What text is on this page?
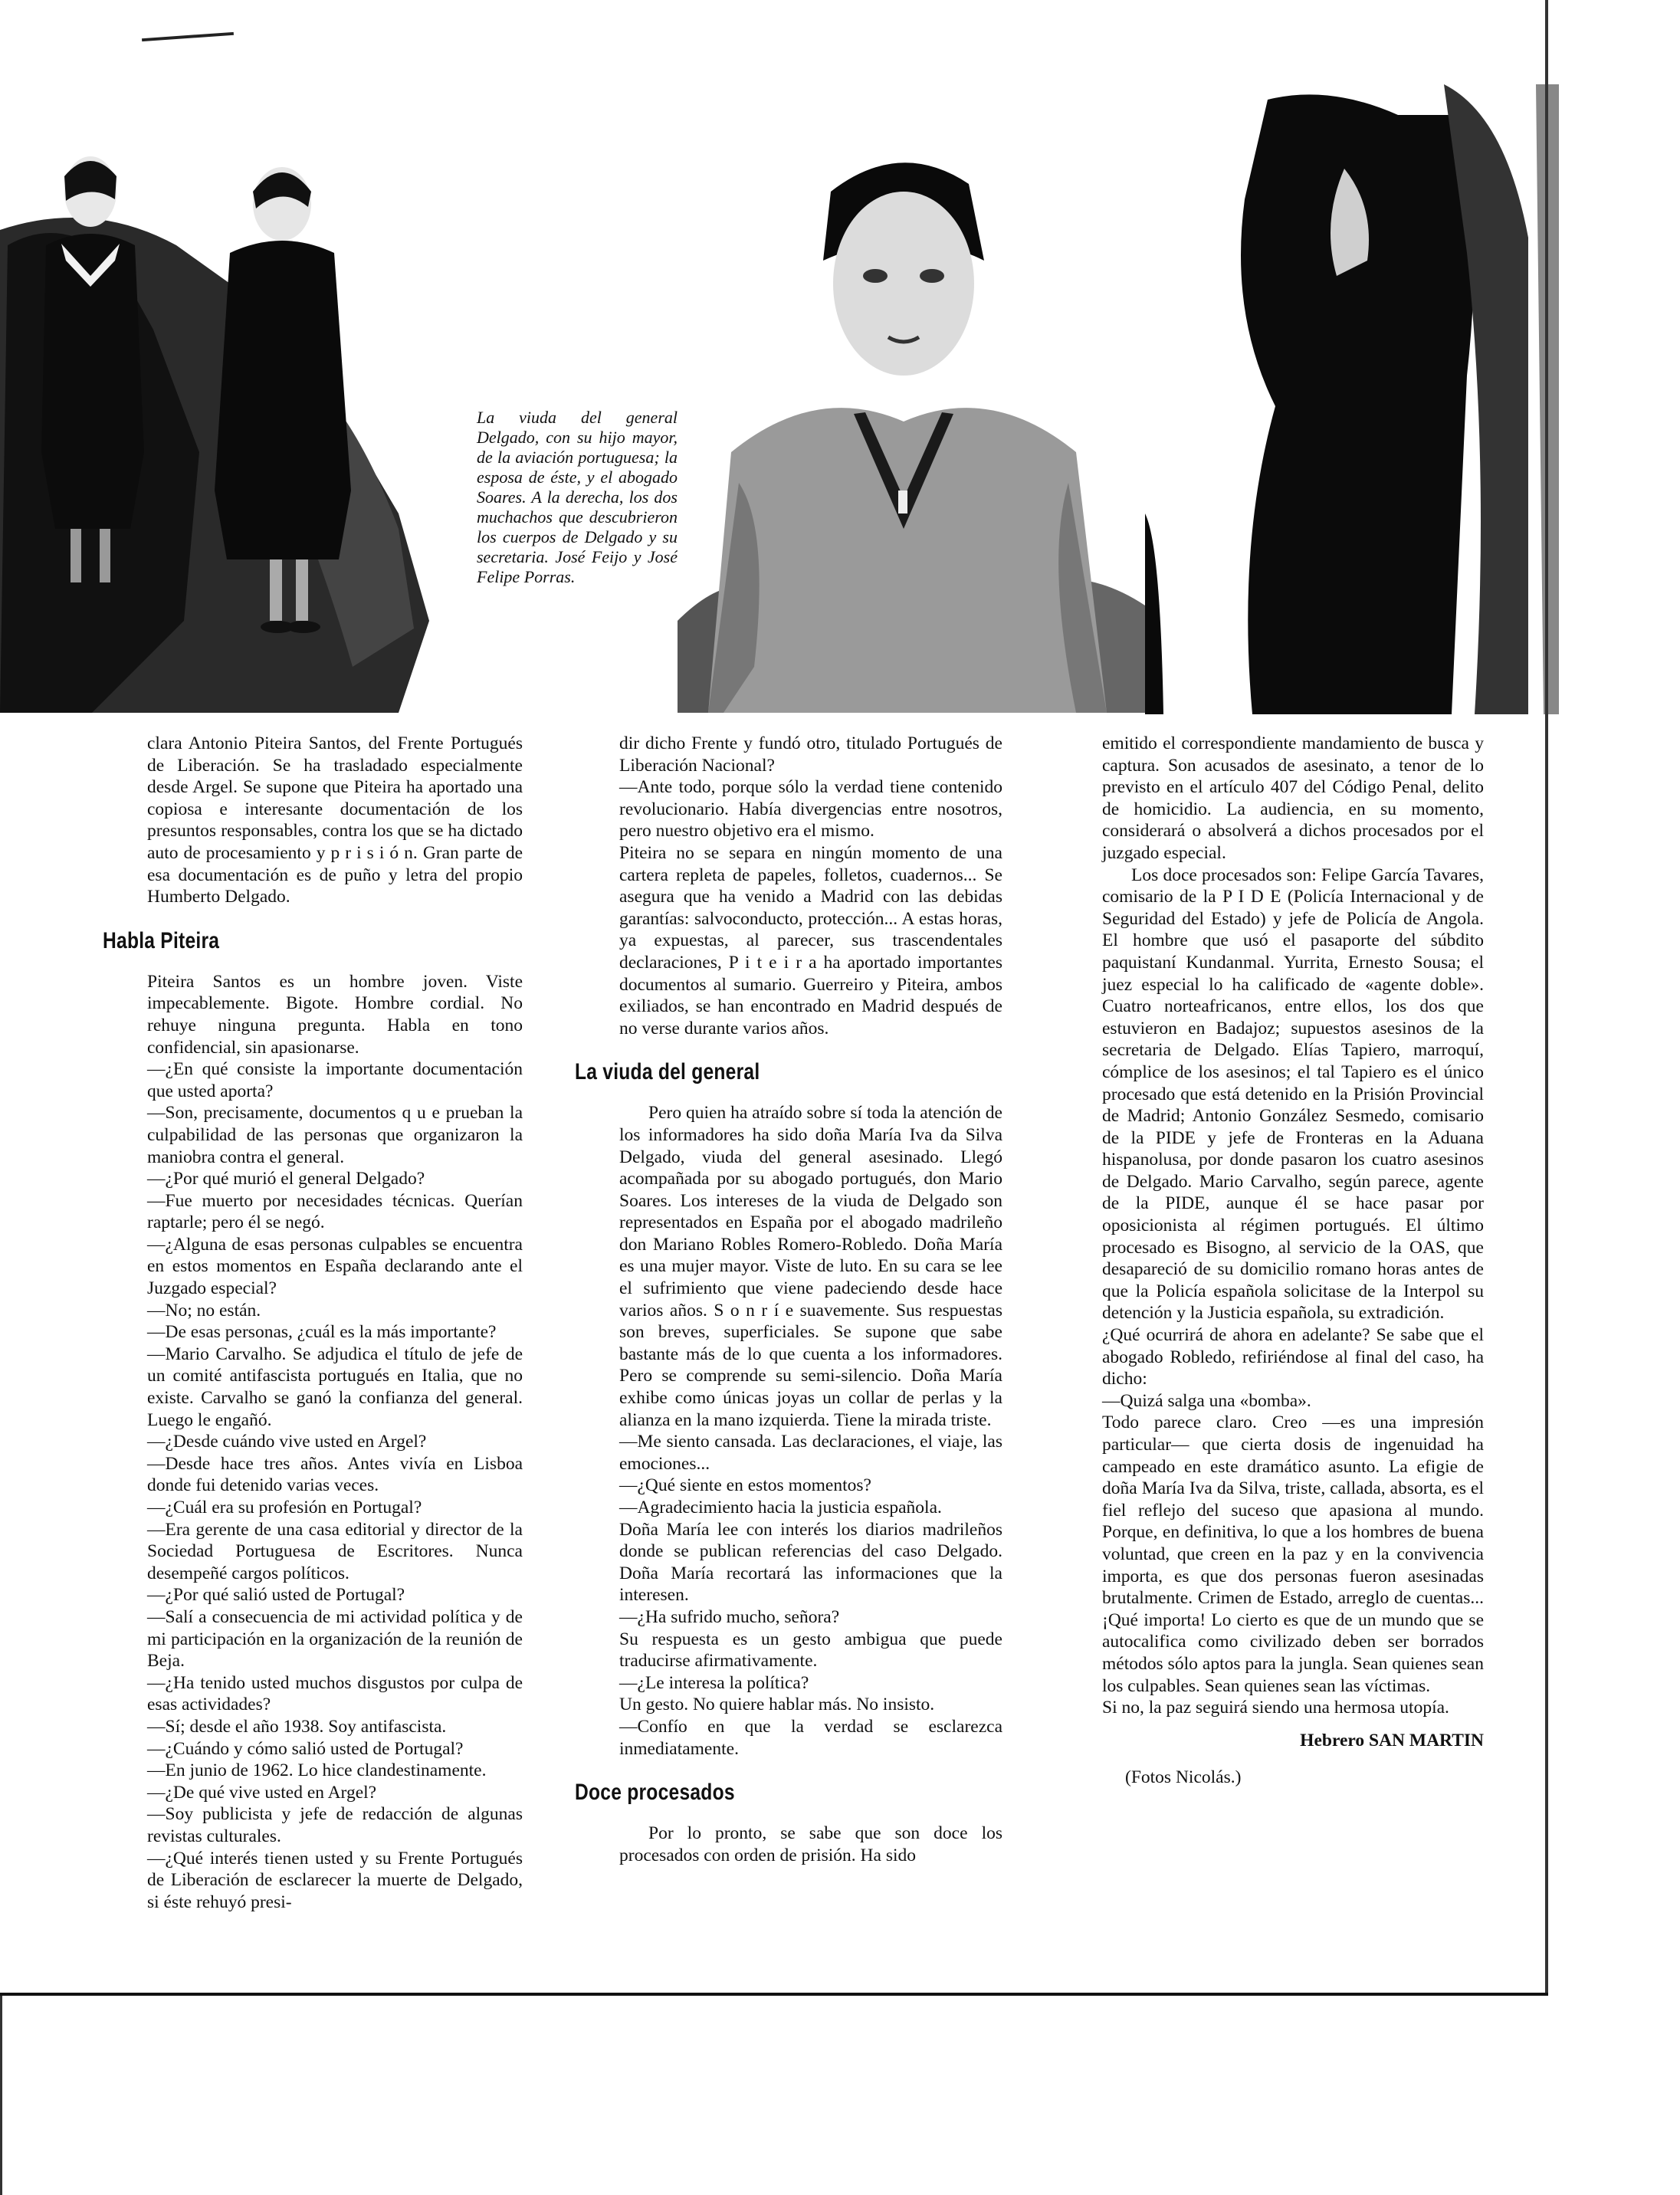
La viuda del general Delgado, con su hijo mayor, de la aviación portuguesa; la esposa de éste, y el abogado Soares. A la derecha, los dos muchachos que descubrieron los cuerpos de Delgado y su secretaria. José Feijo y José Felipe Porras.

clara Antonio Piteira Santos, del Frente Portugués de Liberación. Se ha trasladado especialmente desde Argel. Se supone que Piteira ha aportado una copiosa e interesante documentación de los presuntos responsables, contra los que se ha dictado auto de procesamiento y p r i s i ó n. Gran parte de esa documentación es de puño y letra del propio Humberto Delgado.

Habla Piteira

Piteira Santos es un hombre joven. Viste impecablemente. Bigote. Hombre cordial. No rehuye ninguna pregunta. Habla en tono confidencial, sin apasionarse.

—¿En qué consiste la importante documentación que usted aporta?

—Son, precisamente, documentos q u e prueban la culpabilidad de las personas que organizaron la maniobra contra el general.

—¿Por qué murió el general Delgado?

—Fue muerto por necesidades técnicas. Querían raptarle; pero él se negó.

—¿Alguna de esas personas culpables se encuentra en estos momentos en España declarando ante el Juzgado especial?

—No; no están.

—De esas personas, ¿cuál es la más importante?

—Mario Carvalho. Se adjudica el título de jefe de un comité antifascista portugués en Italia, que no existe. Carvalho se ganó la confianza del general. Luego le engañó.

—¿Desde cuándo vive usted en Argel?

—Desde hace tres años. Antes vivía en Lisboa donde fui detenido varias veces.

—¿Cuál era su profesión en Portugal?

—Era gerente de una casa editorial y director de la Sociedad Portuguesa de Escritores. Nunca desempeñé cargos políticos.

—¿Por qué salió usted de Portugal?

—Salí a consecuencia de mi actividad política y de mi participación en la organización de la reunión de Beja.

—¿Ha tenido usted muchos disgustos por culpa de esas actividades?

—Sí; desde el año 1938. Soy antifascista.

—¿Cuándo y cómo salió usted de Portugal?

—En junio de 1962. Lo hice clandestinamente.

—¿De qué vive usted en Argel?

—Soy publicista y jefe de redacción de algunas revistas culturales.

—¿Qué interés tienen usted y su Frente Portugués de Liberación de esclarecer la muerte de Delgado, si éste rehuyó presi-

dir dicho Frente y fundó otro, titulado Portugués de Liberación Nacional?

—Ante todo, porque sólo la verdad tiene contenido revolucionario. Había divergencias entre nosotros, pero nuestro objetivo era el mismo.

Piteira no se separa en ningún momento de una cartera repleta de papeles, folletos, cuadernos... Se asegura que ha venido a Madrid con las debidas garantías: salvoconducto, protección... A estas horas, ya expuestas, al parecer, sus trascendentales declaraciones, P i t e i r a ha aportado importantes documentos al sumario. Guerreiro y Piteira, ambos exiliados, se han encontrado en Madrid después de no verse durante varios años.

La viuda del general

Pero quien ha atraído sobre sí toda la atención de los informadores ha sido doña María Iva da Silva Delgado, viuda del general asesinado. Llegó acompañada por su abogado portugués, don Mario Soares. Los intereses de la viuda de Delgado son representados en España por el abogado madrileño don Mariano Robles Romero-Robledo. Doña María es una mujer mayor. Viste de luto. En su cara se lee el sufrimiento que viene padeciendo desde hace varios años. S o n r í e suavemente. Sus respuestas son breves, superficiales. Se supone que sabe bastante más de lo que cuenta a los informadores. Pero se comprende su semi-silencio. Doña María exhibe como únicas joyas un collar de perlas y la alianza en la mano izquierda. Tiene la mirada triste.

—Me siento cansada. Las declaraciones, el viaje, las emociones...

—¿Qué siente en estos momentos?

—Agradecimiento hacia la justicia española.

Doña María lee con interés los diarios madrileños donde se publican referencias del caso Delgado. Doña María recortará las informaciones que la interesen.

—¿Ha sufrido mucho, señora?

Su respuesta es un gesto ambigua que puede traducirse afirmativamente.

—¿Le interesa la política?

Un gesto. No quiere hablar más. No insisto.

—Confío en que la verdad se esclarezca inmediatamente.

Doce procesados

Por lo pronto, se sabe que son doce los procesados con orden de prisión. Ha sido

emitido el correspondiente mandamiento de busca y captura. Son acusados de asesinato, a tenor de lo previsto en el artículo 407 del Código Penal, delito de homicidio. La audiencia, en su momento, considerará o absolverá a dichos procesados por el juzgado especial.

Los doce procesados son: Felipe García Tavares, comisario de la P I D E (Policía Internacional y de Seguridad del Estado) y jefe de Policía de Angola. El hombre que usó el pasaporte del súbdito paquistaní Kundanmal. Yurrita, Ernesto Sousa; el juez especial lo ha calificado de «agente doble». Cuatro norteafricanos, entre ellos, los dos que estuvieron en Badajoz; supuestos asesinos de la secretaria de Delgado. Elías Tapiero, marroquí, cómplice de los asesinos; el tal Tapiero es el único procesado que está detenido en la Prisión Provincial de Madrid; Antonio González Sesmedo, comisario de la PIDE y jefe de Fronteras en la Aduana hispanolusa, por donde pasaron los cuatro asesinos de Delgado. Mario Carvalho, según parece, agente de la PIDE, aunque él se hace pasar por oposicionista al régimen portugués. El último procesado es Bisogno, al servicio de la OAS, que desapareció de su domicilio romano horas antes de que la Policía española solicitase de la Interpol su detención y la Justicia española, su extradición.

¿Qué ocurrirá de ahora en adelante? Se sabe que el abogado Robledo, refiriéndose al final del caso, ha dicho:

—Quizá salga una «bomba».

Todo parece claro. Creo —es una impresión particular— que cierta dosis de ingenuidad ha campeado en este dramático asunto. La efigie de doña María Iva da Silva, triste, callada, absorta, es el fiel reflejo del suceso que apasiona al mundo. Porque, en definitiva, lo que a los hombres de buena voluntad, que creen en la paz y en la convivencia importa, es que dos personas fueron asesinadas brutalmente. Crimen de Estado, arreglo de cuentas... ¡Qué importa! Lo cierto es que de un mundo que se autocalifica como civilizado deben ser borrados métodos sólo aptos para la jungla. Sean quienes sean los culpables. Sean quienes sean las víctimas.

Si no, la paz seguirá siendo una hermosa utopía.

Hebrero SAN MARTIN

(Fotos Nicolás.)
